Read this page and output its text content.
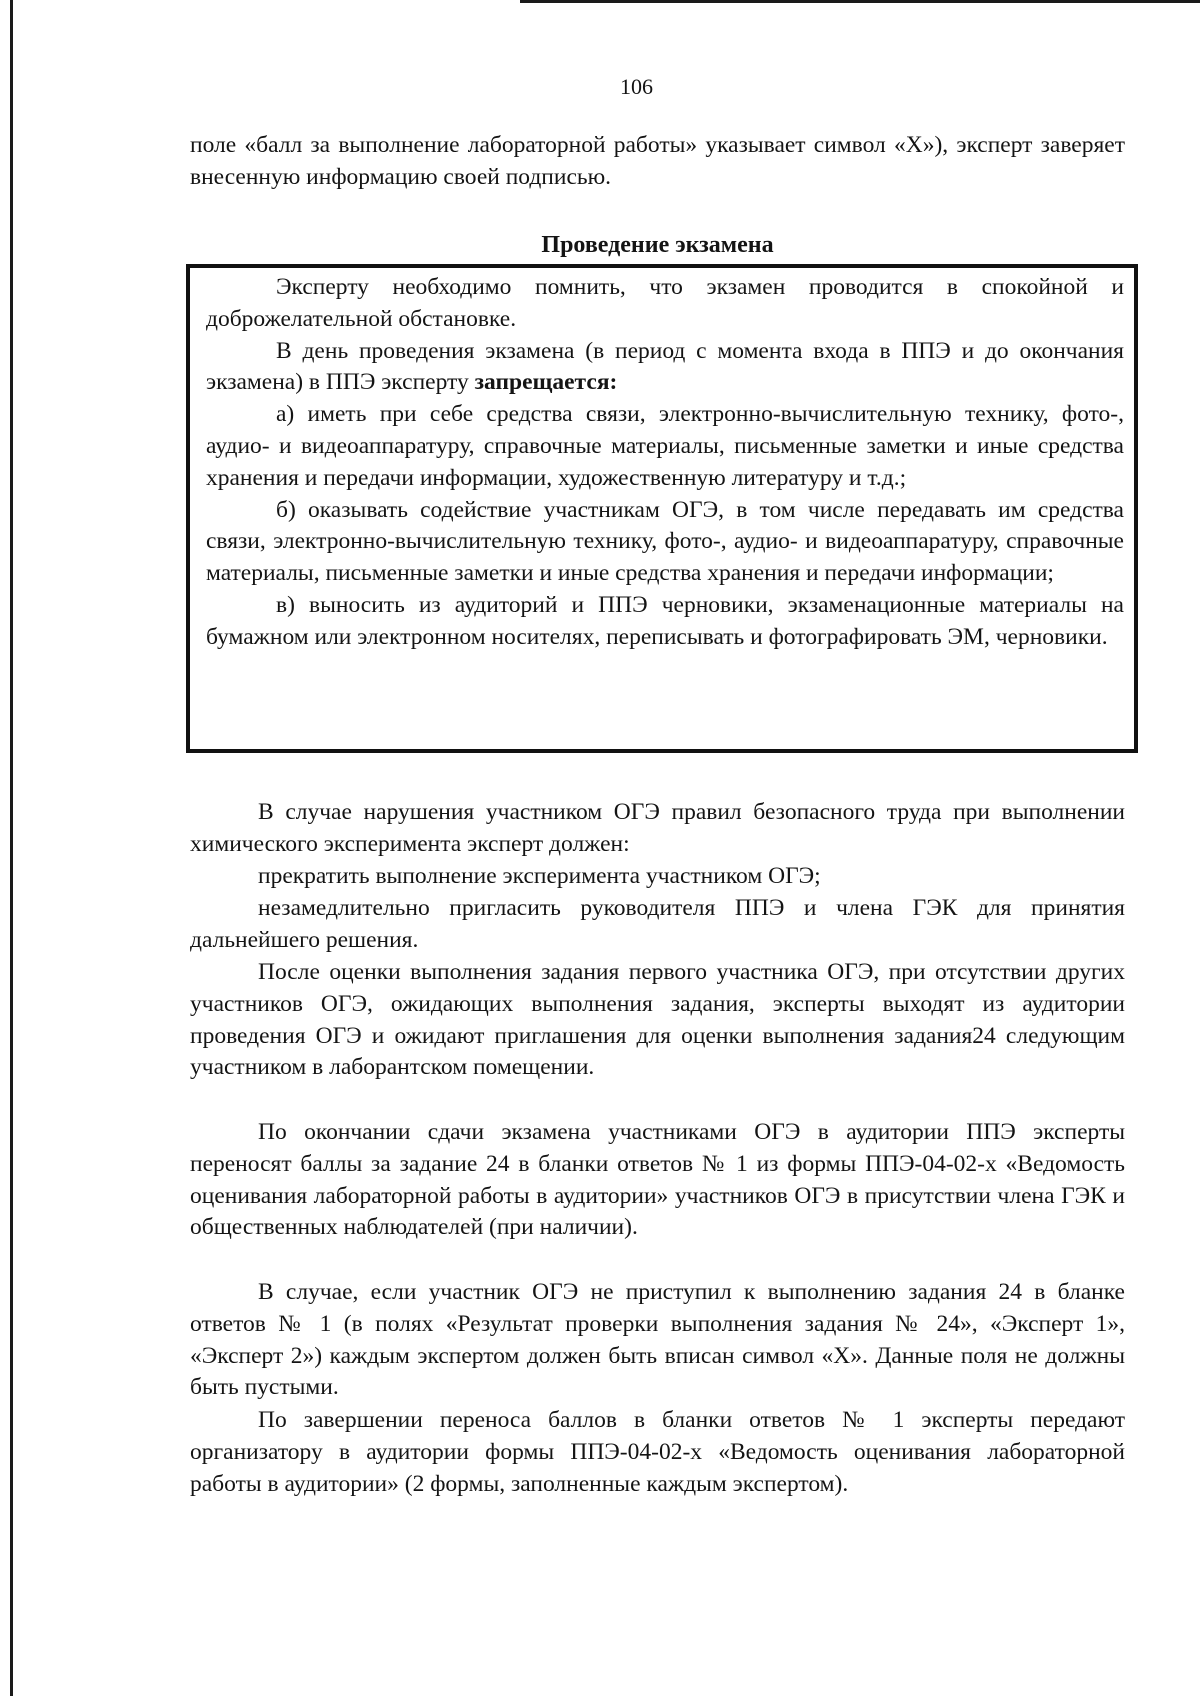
106
поле «балл за выполнение лабораторной работы» указывает символ «Х»), эксперт заверяет внесенную информацию своей подписью.
Проведение экзамена
Эксперту необходимо помнить, что экзамен проводится в спокойной и доброжелательной обстановке.
В день проведения экзамена (в период с момента входа в ППЭ и до окончания экзамена) в ППЭ эксперту запрещается:
а) иметь при себе средства связи, электронно-вычислительную технику, фото-, аудио- и видеоаппаратуру, справочные материалы, письменные заметки и иные средства хранения и передачи информации, художественную литературу и т.д.;
б) оказывать содействие участникам ОГЭ, в том числе передавать им средства связи, электронно-вычислительную технику, фото-, аудио- и видеоаппаратуру, справочные материалы, письменные заметки и иные средства хранения и передачи информации;
в) выносить из аудиторий и ППЭ черновики, экзаменационные материалы на бумажном или электронном носителях, переписывать и фотографировать ЭМ, черновики.
В случае нарушения участником ОГЭ правил безопасного труда при выполнении химического эксперимента эксперт должен:
прекратить выполнение эксперимента участником ОГЭ;
незамедлительно пригласить руководителя ППЭ и члена ГЭК для принятия дальнейшего решения.
После оценки выполнения задания первого участника ОГЭ, при отсутствии других участников ОГЭ, ожидающих выполнения задания, эксперты выходят из аудитории проведения ОГЭ и ожидают приглашения для оценки выполнения задания24 следующим участником в лаборантском помещении.
По окончании сдачи экзамена участниками ОГЭ в аудитории ППЭ эксперты переносят баллы за задание 24 в бланки ответов № 1 из формы ППЭ-04-02-х «Ведомость оценивания лабораторной работы в аудитории» участников ОГЭ в присутствии члена ГЭК и общественных наблюдателей (при наличии).
В случае, если участник ОГЭ не приступил к выполнению задания 24 в бланке ответов № 1 (в полях «Результат проверки выполнения задания № 24», «Эксперт 1», «Эксперт 2») каждым экспертом должен быть вписан символ «Х». Данные поля не должны быть пустыми.
По завершении переноса баллов в бланки ответов № 1 эксперты передают организатору в аудитории формы ППЭ-04-02-х «Ведомость оценивания лабораторной работы в аудитории» (2 формы, заполненные каждым экспертом).
